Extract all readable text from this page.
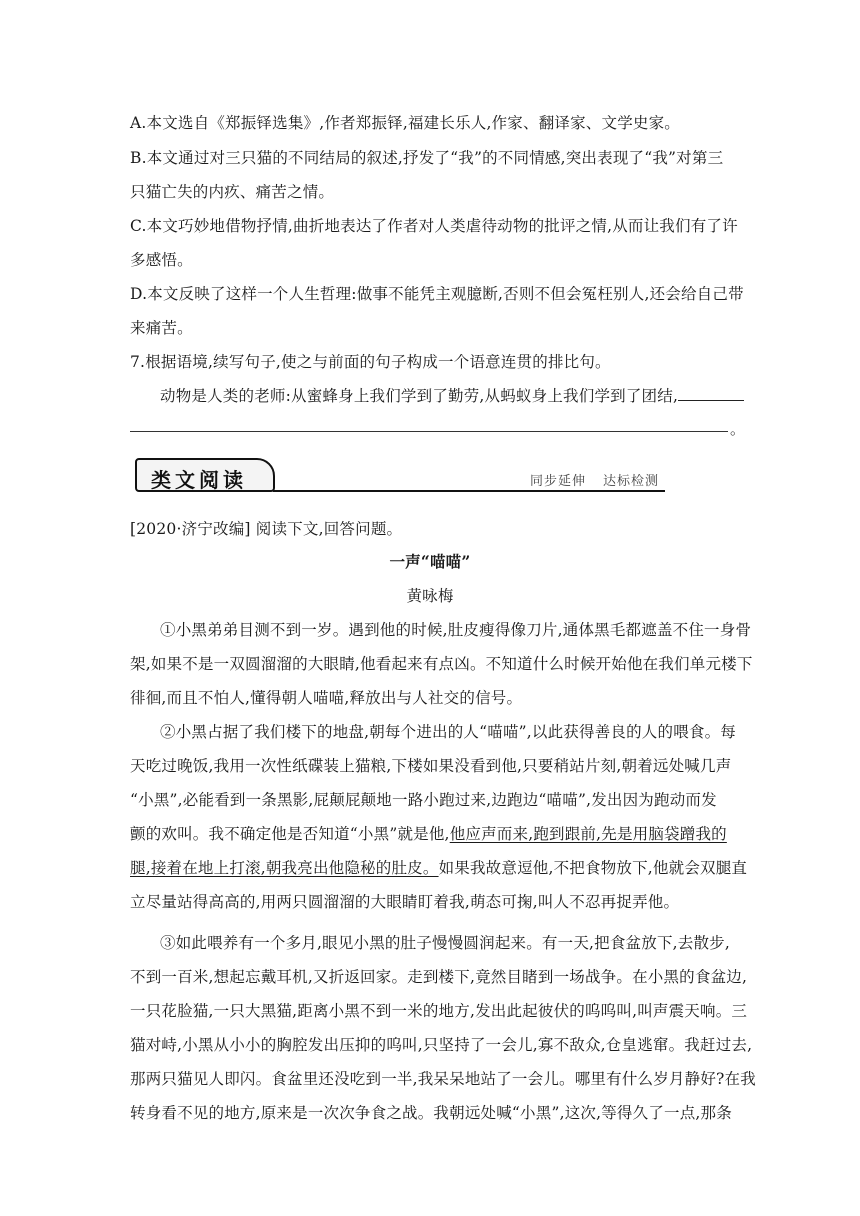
A.本文选自《郑振铎选集》,作者郑振铎,福建长乐人,作家、翻译家、文学史家。
B.本文通过对三只猫的不同结局的叙述,抒发了“我”的不同情感,突出表现了“我”对第三
只猫亡失的内疚、痛苦之情。
C.本文巧妙地借物抒情,曲折地表达了作者对人类虐待动物的批评之情,从而让我们有了许
多感悟。
D.本文反映了这样一个人生哲理:做事不能凭主观臆断,否则不但会冤枉别人,还会给自己带
来痛苦。
7.根据语境,续写句子,使之与前面的句子构成一个语意连贯的排比句。
动物是人类的老师:从蜜蜂身上我们学到了勤劳,从蚂蚁身上我们学到了团结,
。
类文阅读	同步延伸 达标检测
[2020·济宁改编] 阅读下文,回答问题。
一声“喵喵”
黄咏梅
①小黑弟弟目测不到一岁。遇到他的时候,肚皮瘦得像刀片,通体黑毛都遮盖不住一身骨
架,如果不是一双圆溜溜的大眼睛,他看起来有点凶。不知道什么时候开始他在我们单元楼下
徘徊,而且不怕人,懂得朝人喵喵,释放出与人社交的信号。
②小黑占据了我们楼下的地盘,朝每个进出的人“喵喵”,以此获得善良的人的喂食。每
天吃过晚饭,我用一次性纸碟装上猫粮,下楼如果没看到他,只要稍站片刻,朝着远处喊几声
“小黑”,必能看到一条黑影,屁颠屁颠地一路小跑过来,边跑边“喵喵”,发出因为跑动而发
颤的欢叫。我不确定他是否知道“小黑”就是他,他应声而来,跑到跟前,先是用脑袋蹭我的
腿,接着在地上打滚,朝我亮出他隐秘的肚皮。如果我故意逗他,不把食物放下,他就会双腿直
立尽量站得高高的,用两只圆溜溜的大眼睛盯着我,萌态可掬,叫人不忍再捉弄他。
③如此喂养有一个多月,眼见小黑的肚子慢慢圆润起来。有一天,把食盆放下,去散步,
不到一百米,想起忘戴耳机,又折返回家。走到楼下,竟然目睹到一场战争。在小黑的食盆边,
一只花脸猫,一只大黑猫,距离小黑不到一米的地方,发出此起彼伏的呜呜叫,叫声震天响。三
猫对峙,小黑从小小的胸腔发出压抑的呜叫,只坚持了一会儿,寡不敌众,仓皇逃窜。我赶过去,
那两只猫见人即闪。食盆里还没吃到一半,我呆呆地站了一会儿。哪里有什么岁月静好?在我
转身看不见的地方,原来是一次次争食之战。我朝远处喊“小黑”,这次,等得久了一点,那条
